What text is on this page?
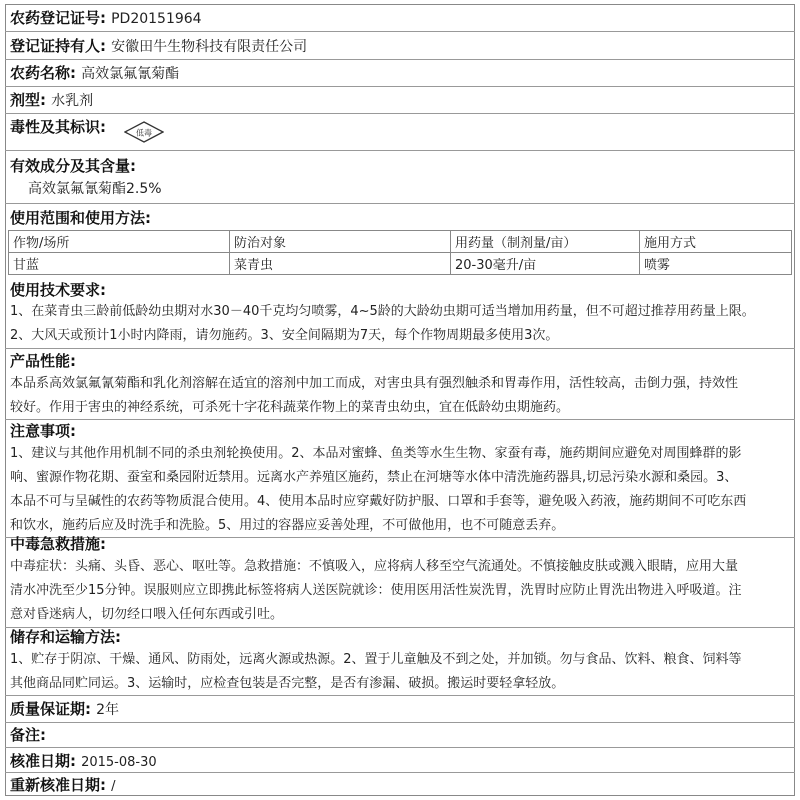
农药登记证号: PD20151964
登记证持有人: 安徽田牛生物科技有限责任公司
农药名称: 高效氯氟氰菊酯
剂型: 水乳剂
毒性及其标识:	低毒
有效成分及其含量:
高效氯氟氰菊酯2.5%
使用范围和使用方法:
作物/场所	防治对象	用药量（制剂量/亩）	施用方式
甘蓝	菜青虫	20-30毫升/亩	喷雾
使用技术要求:
1、在菜青虫三龄前低龄幼虫期对水30－40千克均匀喷雾，4~5龄的大龄幼虫期可适当增加用药量，但不可超过推荐用药量上限。
2、大风天或预计1小时内降雨，请勿施药。3、安全间隔期为7天，每个作物周期最多使用3次。
产品性能:
本品系高效氯氟氰菊酯和乳化剂溶解在适宜的溶剂中加工而成，对害虫具有强烈触杀和胃毒作用，活性较高，击倒力强，持效性
较好。作用于害虫的神经系统，可杀死十字花科蔬菜作物上的菜青虫幼虫，宜在低龄幼虫期施药。
注意事项:
1、建议与其他作用机制不同的杀虫剂轮换使用。2、本品对蜜蜂、鱼类等水生生物、家蚕有毒，施药期间应避免对周围蜂群的影
响、蜜源作物花期、蚕室和桑园附近禁用。远离水产养殖区施药，禁止在河塘等水体中清洗施药器具,切忌污染水源和桑园。3、
本品不可与呈碱性的农药等物质混合使用。4、使用本品时应穿戴好防护服、口罩和手套等，避免吸入药液，施药期间不可吃东西
和饮水，施药后应及时洗手和洗脸。5、用过的容器应妥善处理，不可做他用，也不可随意丢弃。
中毒急救措施:
中毒症状：头痛、头昏、恶心、呕吐等。急救措施：不慎吸入，应将病人移至空气流通处。不慎接触皮肤或溅入眼睛，应用大量
清水冲洗至少15分钟。误服则应立即携此标签将病人送医院就诊：使用医用活性炭洗胃，洗胃时应防止胃洗出物进入呼吸道。注
意对昏迷病人，切勿经口喂入任何东西或引吐。
储存和运输方法:
1、贮存于阴凉、干燥、通风、防雨处，远离火源或热源。2、置于儿童触及不到之处，并加锁。勿与食品、饮料、粮食、饲料等
其他商品同贮同运。3、运输时，应检查包装是否完整，是否有渗漏、破损。搬运时要轻拿轻放。
质量保证期: 2年
备注:
核准日期: 2015-08-30
重新核准日期: /
